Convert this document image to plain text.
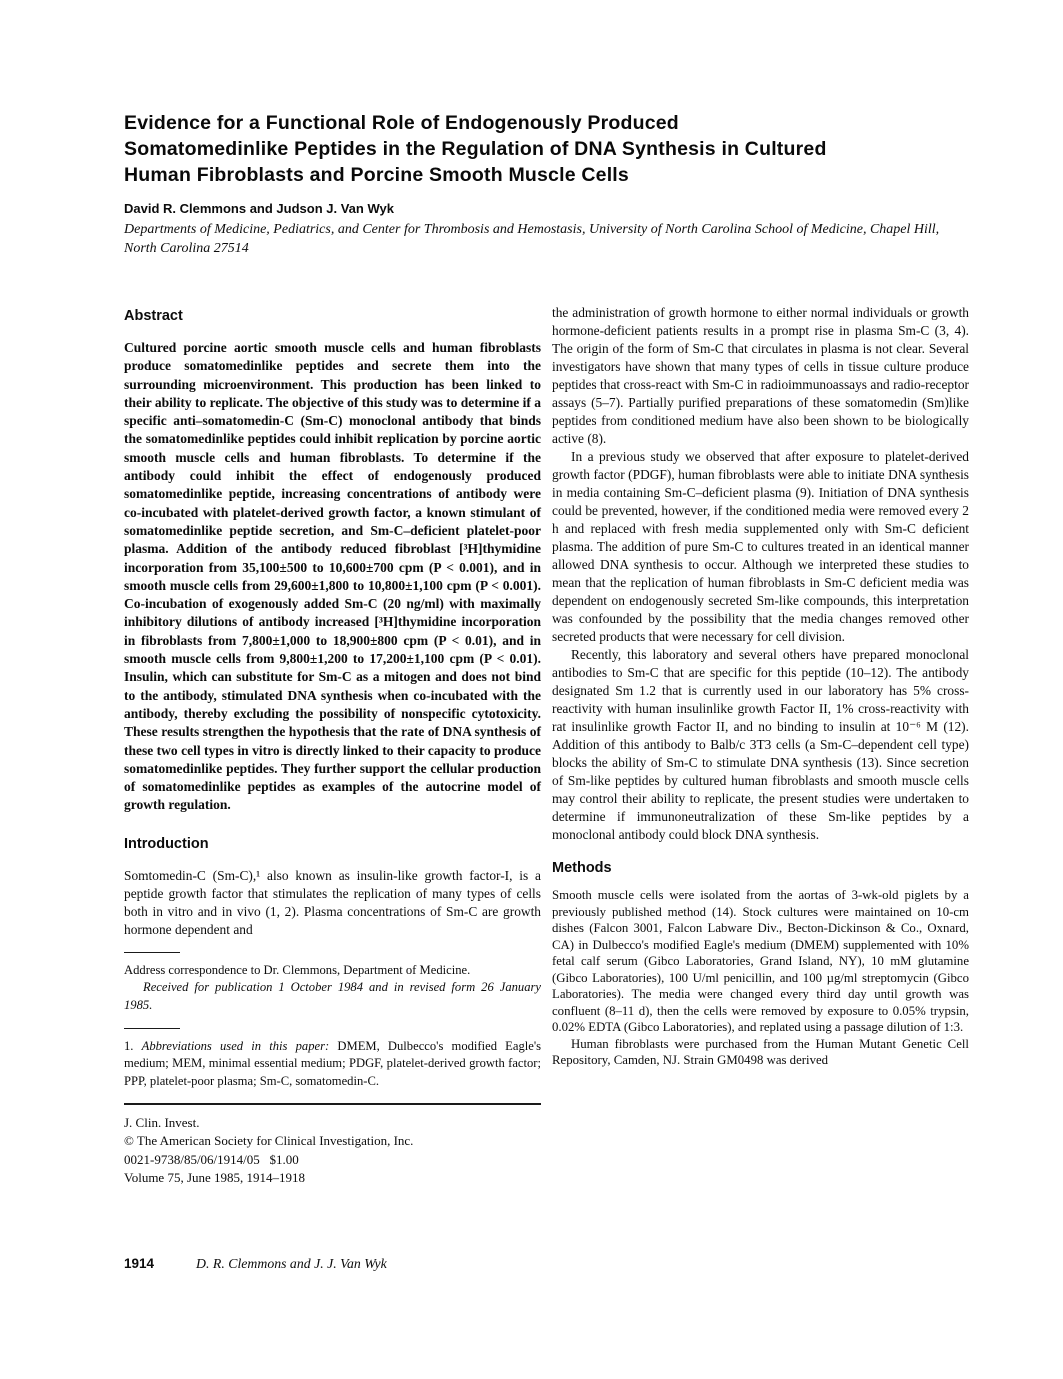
Evidence for a Functional Role of Endogenously Produced
Somatomedinlike Peptides in the Regulation of DNA Synthesis in Cultured
Human Fibroblasts and Porcine Smooth Muscle Cells
David R. Clemmons and Judson J. Van Wyk
Departments of Medicine, Pediatrics, and Center for Thrombosis and Hemostasis, University of North Carolina School of Medicine, Chapel Hill, North Carolina 27514
Abstract

Cultured porcine aortic smooth muscle cells and human fibroblasts produce somatomedinlike peptides and secrete them into the surrounding microenvironment. This production has been linked to their ability to replicate. The objective of this study was to determine if a specific anti–somatomedin-C (Sm-C) monoclonal antibody that binds the somatomedinlike peptides could inhibit replication by porcine aortic smooth muscle cells and human fibroblasts. To determine if the antibody could inhibit the effect of endogenously produced somatomedinlike peptide, increasing concentrations of antibody were co-incubated with platelet-derived growth factor, a known stimulant of somatomedinlike peptide secretion, and Sm-C–deficient platelet-poor plasma. Addition of the antibody reduced fibroblast [³H]thymidine incorporation from 35,100±500 to 10,600±700 cpm (P < 0.001), and in smooth muscle cells from 29,600±1,800 to 10,800±1,100 cpm (P < 0.001). Co-incubation of exogenously added Sm-C (20 ng/ml) with maximally inhibitory dilutions of antibody increased [³H]thymidine incorporation in fibroblasts from 7,800±1,000 to 18,900±800 cpm (P < 0.01), and in smooth muscle cells from 9,800±1,200 to 17,200±1,100 cpm (P < 0.01). Insulin, which can substitute for Sm-C as a mitogen and does not bind to the antibody, stimulated DNA synthesis when co-incubated with the antibody, thereby excluding the possibility of nonspecific cytotoxicity. These results strengthen the hypothesis that the rate of DNA synthesis of these two cell types in vitro is directly linked to their capacity to produce somatomedinlike peptides. They further support the cellular production of somatomedinlike peptides as examples of the autocrine model of growth regulation.

Introduction

Somtomedin-C (Sm-C),¹ also known as insulin-like growth factor-I, is a peptide growth factor that stimulates the replication of many types of cells both in vitro and in vivo (1, 2). Plasma concentrations of Sm-C are growth hormone dependent and

Address correspondence to Dr. Clemmons, Department of Medicine.

Received for publication 1 October 1984 and in revised form 26 January 1985.

1. Abbreviations used in this paper: DMEM, Dulbecco's modified Eagle's medium; MEM, minimal essential medium; PDGF, platelet-derived growth factor; PPP, platelet-poor plasma; Sm-C, somatomedin-C.

J. Clin. Invest.
© The American Society for Clinical Investigation, Inc.
0021-9738/85/06/1914/05   $1.00
Volume 75, June 1985, 1914–1918

the administration of growth hormone to either normal individuals or growth hormone-deficient patients results in a prompt rise in plasma Sm-C (3, 4). The origin of the form of Sm-C that circulates in plasma is not clear. Several investigators have shown that many types of cells in tissue culture produce peptides that cross-react with Sm-C in radioimmunoassays and radio-receptor assays (5–7). Partially purified preparations of these somatomedin (Sm)like peptides from conditioned medium have also been shown to be biologically active (8).

In a previous study we observed that after exposure to platelet-derived growth factor (PDGF), human fibroblasts were able to initiate DNA synthesis in media containing Sm-C–deficient plasma (9). Initiation of DNA synthesis could be prevented, however, if the conditioned media were removed every 2 h and replaced with fresh media supplemented only with Sm-C deficient plasma. The addition of pure Sm-C to cultures treated in an identical manner allowed DNA synthesis to occur. Although we interpreted these studies to mean that the replication of human fibroblasts in Sm-C deficient media was dependent on endogenously secreted Sm-like compounds, this interpretation was confounded by the possibility that the media changes removed other secreted products that were necessary for cell division.

Recently, this laboratory and several others have prepared monoclonal antibodies to Sm-C that are specific for this peptide (10–12). The antibody designated Sm 1.2 that is currently used in our laboratory has 5% cross-reactivity with human insulinlike growth Factor II, 1% cross-reactivity with rat insulinlike growth Factor II, and no binding to insulin at 10⁻⁶ M (12). Addition of this antibody to Balb/c 3T3 cells (a Sm-C–dependent cell type) blocks the ability of Sm-C to stimulate DNA synthesis (13). Since secretion of Sm-like peptides by cultured human fibroblasts and smooth muscle cells may control their ability to replicate, the present studies were undertaken to determine if immunoneutralization of these Sm-like peptides by a monoclonal antibody could block DNA synthesis.

Methods

Smooth muscle cells were isolated from the aortas of 3-wk-old piglets by a previously published method (14). Stock cultures were maintained on 10-cm dishes (Falcon 3001, Falcon Labware Div., Becton-Dickinson & Co., Oxnard, CA) in Dulbecco's modified Eagle's medium (DMEM) supplemented with 10% fetal calf serum (Gibco Laboratories, Grand Island, NY), 10 mM glutamine (Gibco Laboratories), 100 U/ml penicillin, and 100 µg/ml streptomycin (Gibco Laboratories). The media were changed every third day until growth was confluent (8–11 d), then the cells were removed by exposure to 0.05% trypsin, 0.02% EDTA (Gibco Laboratories), and replated using a passage dilution of 1:3.

Human fibroblasts were purchased from the Human Mutant Genetic Cell Repository, Camden, NJ. Strain GM0498 was derived

1914	D. R. Clemmons and J. J. Van Wyk
